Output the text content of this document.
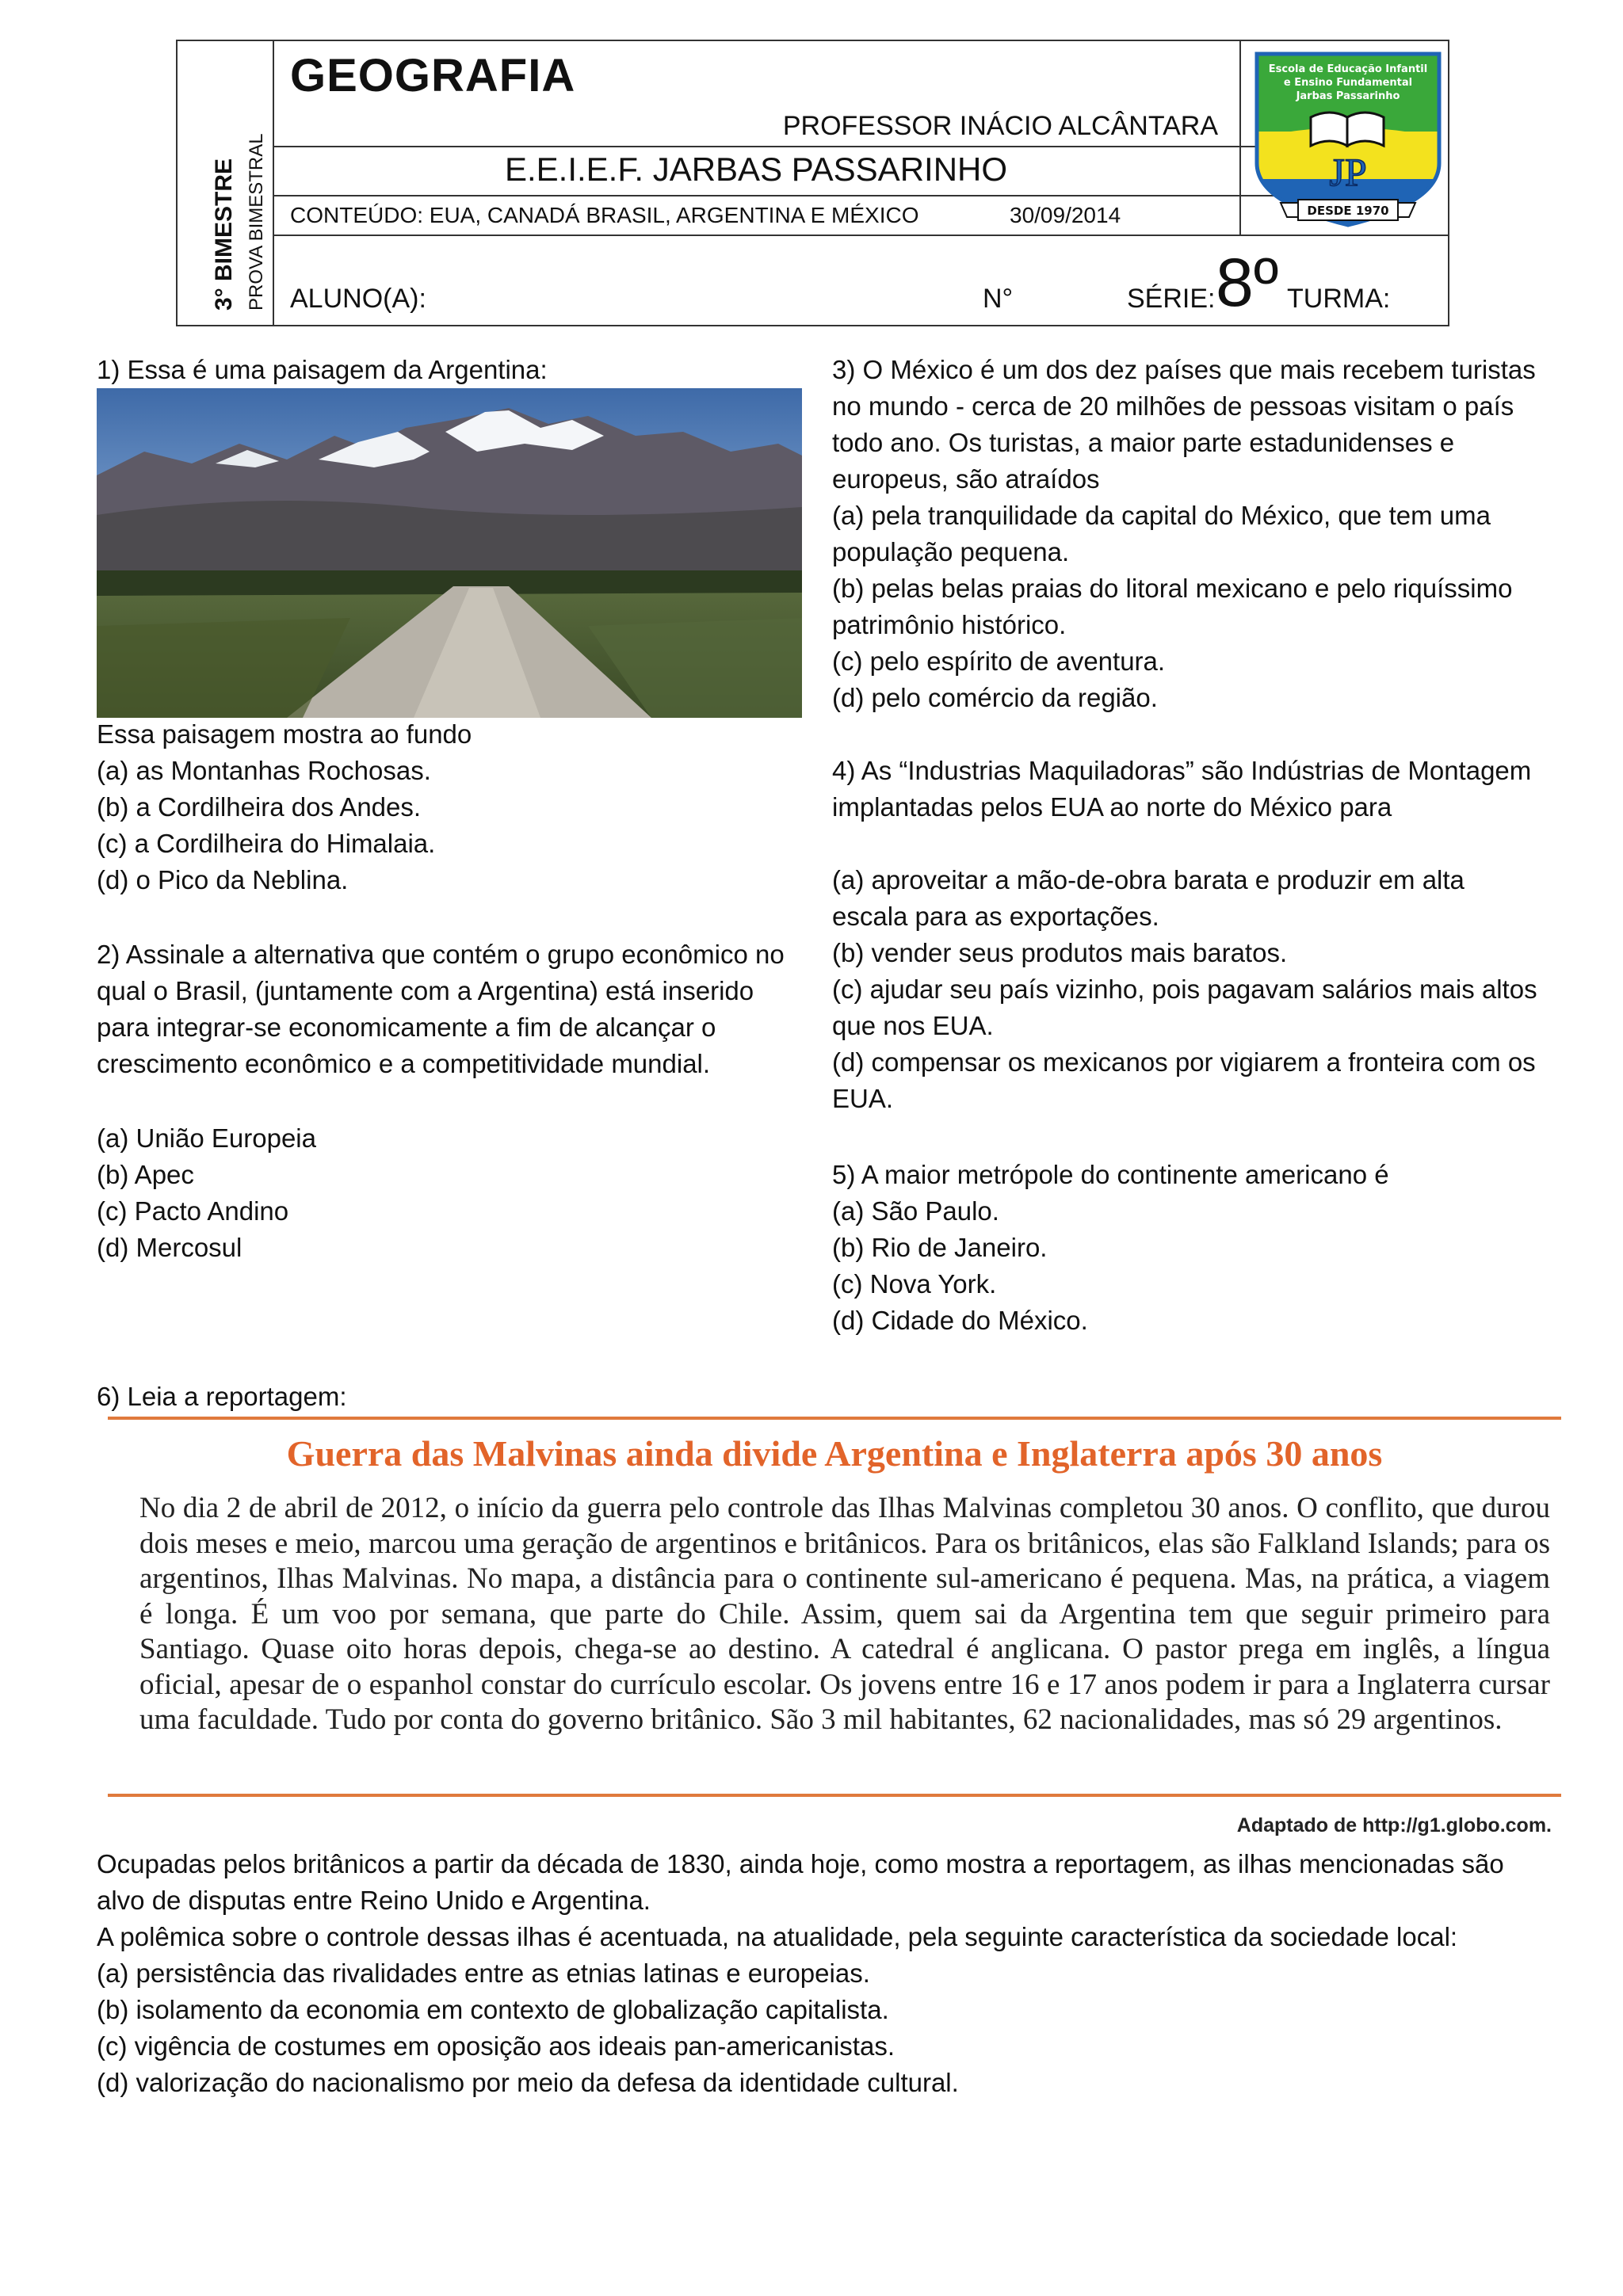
3° BIMESTRE PROVA BIMESTRAL
GEOGRAFIA
PROFESSOR INÁCIO ALCÂNTARA
E.E.I.E.F. JARBAS PASSARINHO
CONTEÚDO: EUA, CANADÁ BRASIL, ARGENTINA E MÉXICO	30/09/2014
ALUNO(A):	N°	SÉRIE: 8º TURMA:
Escola de Educação Infantil
e Ensino Fundamental
Jarbas Passarinho
JP
DESDE 1970
1) Essa é uma paisagem da Argentina:
Essa paisagem mostra ao fundo
(a) as Montanhas Rochosas.
(b) a Cordilheira dos Andes.
(c) a Cordilheira do Himalaia.
(d) o Pico da Neblina.
2) Assinale a alternativa que contém o grupo econômico no qual o Brasil, (juntamente com a Argentina) está inserido para integrar-se economicamente a fim de alcançar o crescimento econômico e a competitividade mundial.
(a) União Europeia
(b) Apec
(c) Pacto Andino
(d) Mercosul
3) O México é um dos dez países que mais recebem turistas no mundo - cerca de 20 milhões de pessoas visitam o país todo ano. Os turistas, a maior parte estadunidenses e europeus, são atraídos
(a) pela tranquilidade da capital do México, que tem uma população pequena.
(b) pelas belas praias do litoral mexicano e pelo riquíssimo patrimônio histórico.
(c) pelo espírito de aventura.
(d) pelo comércio da região.
4) As “Industrias Maquiladoras” são Indústrias de Montagem implantadas pelos EUA ao norte do México para
(a) aproveitar a mão-de-obra barata e produzir em alta escala para as exportações.
(b) vender seus produtos mais baratos.
(c) ajudar seu país vizinho, pois pagavam salários mais altos que nos EUA.
(d) compensar os mexicanos por vigiarem a fronteira com os EUA.
5) A maior metrópole do continente americano é
(a) São Paulo.
(b) Rio de Janeiro.
(c) Nova York.
(d) Cidade do México.
6) Leia a reportagem:
Guerra das Malvinas ainda divide Argentina e Inglaterra após 30 anos
No dia 2 de abril de 2012, o início da guerra pelo controle das Ilhas Malvinas completou 30 anos. O conflito, que durou dois meses e meio, marcou uma geração de argentinos e britânicos. Para os britânicos, elas são Falkland Islands; para os argentinos, Ilhas Malvinas. No mapa, a distância para o continente sul-americano é pequena. Mas, na prática, a viagem é longa. É um voo por semana, que parte do Chile. Assim, quem sai da Argentina tem que seguir primeiro para Santiago. Quase oito horas depois, chega-se ao destino. A catedral é anglicana. O pastor prega em inglês, a língua oficial, apesar de o espanhol constar do currículo escolar. Os jovens entre 16 e 17 anos podem ir para a Inglaterra cursar uma faculdade. Tudo por conta do governo britânico. São 3 mil habitantes, 62 nacionalidades, mas só 29 argentinos.
Adaptado de http://g1.globo.com.
Ocupadas pelos britânicos a partir da década de 1830, ainda hoje, como mostra a reportagem, as ilhas mencionadas são alvo de disputas entre Reino Unido e Argentina.
A polêmica sobre o controle dessas ilhas é acentuada, na atualidade, pela seguinte característica da sociedade local:
(a) persistência das rivalidades entre as etnias latinas e europeias.
(b) isolamento da economia em contexto de globalização capitalista.
(c) vigência de costumes em oposição aos ideais pan-americanistas.
(d) valorização do nacionalismo por meio da defesa da identidade cultural.
